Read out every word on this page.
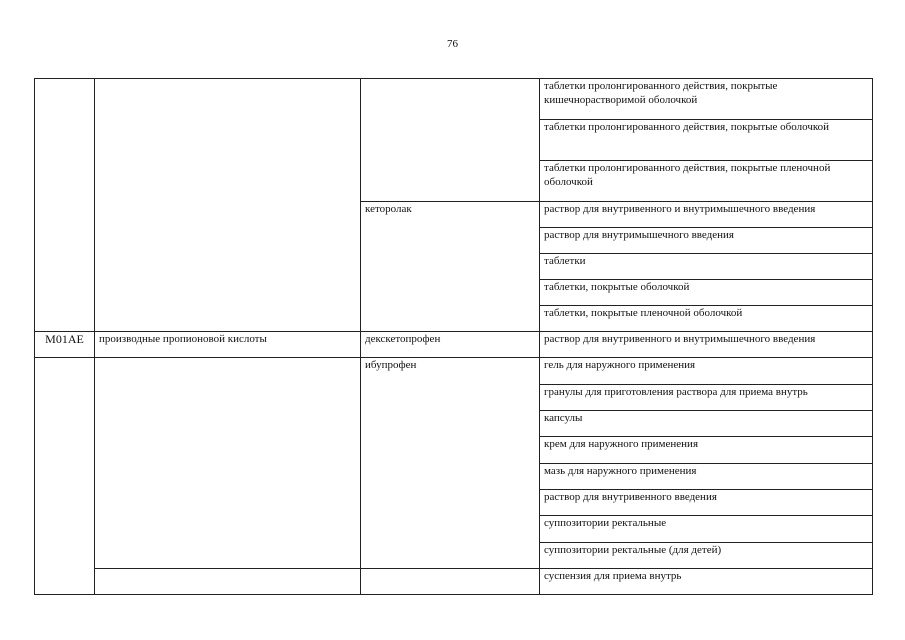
76
			таблетки пролонгированного действия, покрытые кишечнорастворимой оболочкой
			таблетки пролонгированного действия, покрытые оболочкой
			таблетки пролонгированного действия, покрытые пленочной оболочкой
		кеторолак	раствор для внутривенного и внутримышечного введения
			раствор для внутримышечного введения
			таблетки
			таблетки, покрытые оболочкой
			таблетки, покрытые пленочной оболочкой
M01AE	производные пропионовой кислоты	декскетопрофен	раствор для внутривенного и внутримышечного введения
		ибупрофен	гель для наружного применения
			гранулы для приготовления раствора для приема внутрь
			капсулы
			крем для наружного применения
			мазь для наружного применения
			раствор для внутривенного введения
			суппозитории ректальные
			суппозитории ректальные (для детей)
			суспензия для приема внутрь
